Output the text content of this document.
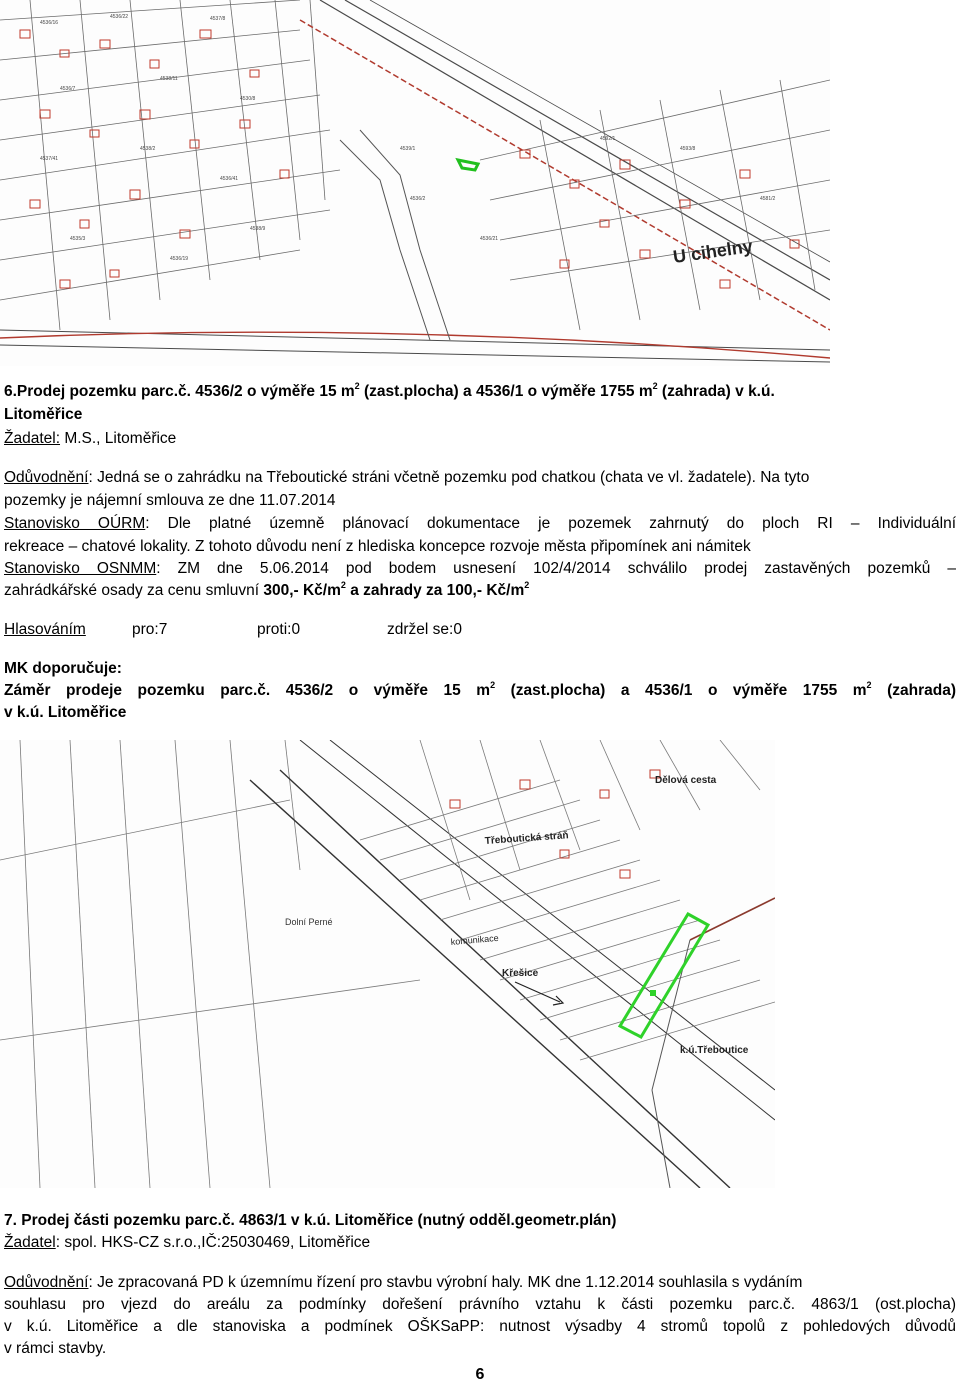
4536/16
4536/22	4537/8
4536/7
4538/11
4530/8
4537/41
4538/2
4536/41
4535/3
4536/19
4538/9
4539/1
4536/2
4536/21
4592/1
4593/8
4581/2
U cihelny
6.Prodej pozemku parc.č. 4536/2 o výměře 15 $m^2$ (zast.plocha) a 4536/1 o výměře 1755 $m^2$ (zahrada) v k.ú.
Litoměřice
Žadatel: M.S., Litoměřice
Odůvodnění: Jedná se o zahrádku na Třeboutické stráni včetně pozemku pod chatkou (chata ve vl. žadatele). Na tyto
pozemky je nájemní smlouva ze dne 11.07.2014
Stanovisko OÚRM: Dle platné územně plánovací dokumentace je pozemek zahrnutý do ploch RI – Individuální
rekreace – chatové lokality. Z tohoto důvodu není z hlediska koncepce rozvoje města připomínek ani námitek
Stanovisko OSNMM: ZM dne 5.06.2014 pod bodem usnesení 102/4/2014 schválilo prodej zastavěných pozemků –
zahrádkářské osady za cenu smluvní 300,- $Kč/m^2$ a zahrady za 100,- $Kč/m^2$
Hlasováním	pro:7	proti:0	zdržel se:0
MK doporučuje:
Záměr prodeje pozemku parc.č. 4536/2 o výměře 15 $m^2$ (zast.plocha) a 4536/1 o výměře 1755 $m^2$ (zahrada)
v k.ú. Litoměřice
Dělová cesta
Třeboutická stráň
Dolní Perné
komunikace
Křešice
k.ú.Třeboutice
7. Prodej části pozemku parc.č. 4863/1 v k.ú. Litoměřice (nutný odděl.geometr.plán)
Žadatel: spol. HKS-CZ s.r.o.,IČ:25030469, Litoměřice
Odůvodnění: Je zpracovaná PD k územnímu řízení pro stavbu výrobní haly. MK dne 1.12.2014 souhlasila s vydáním
souhlasu pro vjezd do areálu za podmínky dořešení právního vztahu k části pozemku parc.č. 4863/1 (ost.plocha)
v k.ú. Litoměřice a dle stanoviska a podmínek OŠKSaPP: nutnost výsadby 4 stromů topolů z pohledových důvodů
v rámci stavby.
6
